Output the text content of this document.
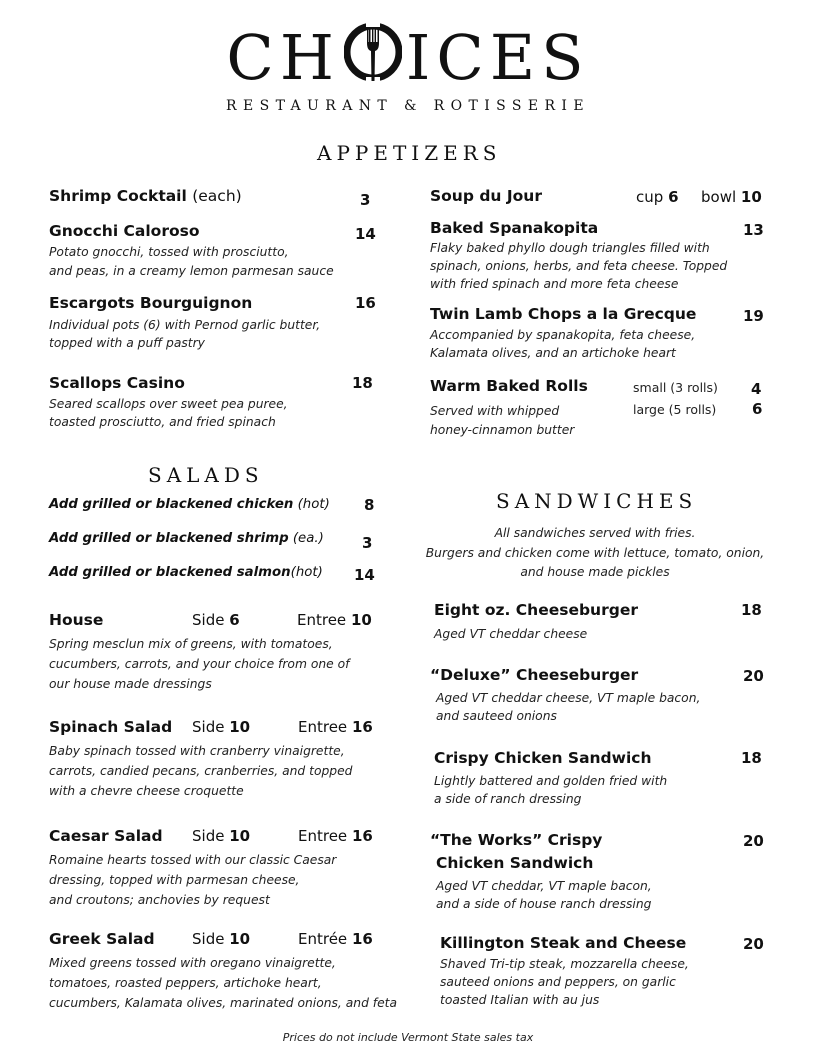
CH ICES
RESTAURANT & ROTISSERIE
APPETIZERS
Shrimp Cocktail (each)	3
Gnocchi Caloroso	14
Potato gnocchi, tossed with prosciutto,
and peas, in a creamy lemon parmesan sauce
Escargots Bourguignon	16
Individual pots (6) with Pernod garlic butter,
topped with a puff pastry
Scallops Casino	18
Seared scallops over sweet pea puree,
toasted prosciutto, and fried spinach
Soup du Jour	cup 6 bowl 10
Baked Spanakopita	13
Flaky baked phyllo dough triangles filled with
spinach, onions, herbs, and feta cheese. Topped
with fried spinach and more feta cheese
Twin Lamb Chops a la Grecque	19
Accompanied by spanakopita, feta cheese,
Kalamata olives, and an artichoke heart
Warm Baked Rolls	small (3 rolls) 4
large (5 rolls) 6
Served with whipped
honey-cinnamon butter
SALADS
Add grilled or blackened chicken (hot) 8
Add grilled or blackened shrimp (ea.)	3
Add grilled or blackened salmon(hot) 14
House	Side 6	Entree 10
Spring mesclun mix of greens, with tomatoes,
cucumbers, carrots, and your choice from one of
our house made dressings
Spinach Salad Side 10	Entree 16
Baby spinach tossed with cranberry vinaigrette,
carrots, candied pecans, cranberries, and topped
with a chevre cheese croquette
Caesar Salad Side 10	Entree 16
Romaine hearts tossed with our classic Caesar
dressing, topped with parmesan cheese,
and croutons; anchovies by request
Greek Salad Side 10	Entrée 16
Mixed greens tossed with oregano vinaigrette,
tomatoes, roasted peppers, artichoke heart,
cucumbers, Kalamata olives, marinated onions, and feta
SANDWICHES
All sandwiches served with fries.
Burgers and chicken come with lettuce, tomato, onion,
and house made pickles
Eight oz. Cheeseburger	18
Aged VT cheddar cheese
“Deluxe” Cheeseburger	20
Aged VT cheddar cheese, VT maple bacon,
and sauteed onions
Crispy Chicken Sandwich	18
Lightly battered and golden fried with
a side of ranch dressing
“The Works” Crispy
Chicken Sandwich
20
Aged VT cheddar, VT maple bacon,
and a side of house ranch dressing
Killington Steak and Cheese	20
Shaved Tri-tip steak, mozzarella cheese,
sauteed onions and peppers, on garlic
toasted Italian with au jus
Prices do not include Vermont State sales tax
